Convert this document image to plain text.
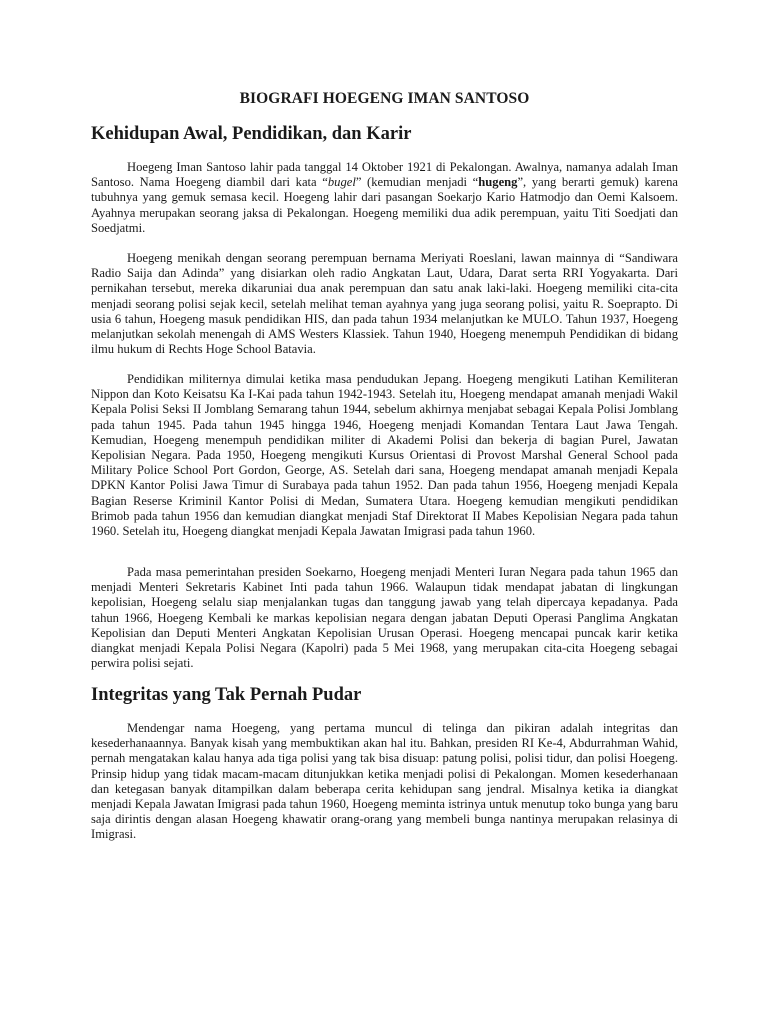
BIOGRAFI HOEGENG IMAN SANTOSO
Kehidupan Awal, Pendidikan, dan Karir

Hoegeng Iman Santoso lahir pada tanggal 14 Oktober 1921 di Pekalongan. Awalnya, namanya adalah Iman Santoso. Nama Hoegeng diambil dari kata “bugel” (kemudian menjadi “hugeng”, yang berarti gemuk) karena tubuhnya yang gemuk semasa kecil. Hoegeng lahir dari pasangan Soekarjo Kario Hatmodjo dan Oemi Kalsoem. Ayahnya merupakan seorang jaksa di Pekalongan. Hoegeng memiliki dua adik perempuan, yaitu Titi Soedjati dan Soedjatmi.

Hoegeng menikah dengan seorang perempuan bernama Meriyati Roeslani, lawan mainnya di “Sandiwara Radio Saija dan Adinda” yang disiarkan oleh radio Angkatan Laut, Udara, Darat serta RRI Yogyakarta. Dari pernikahan tersebut, mereka dikaruniai dua anak perempuan dan satu anak laki-laki. Hoegeng memiliki cita-cita menjadi seorang polisi sejak kecil, setelah melihat teman ayahnya yang juga seorang polisi, yaitu R. Soeprapto. Di usia 6 tahun, Hoegeng masuk pendidikan HIS, dan pada tahun 1934 melanjutkan ke MULO. Tahun 1937, Hoegeng melanjutkan sekolah menengah di AMS Westers Klassiek. Tahun 1940, Hoegeng menempuh Pendidikan di bidang ilmu hukum di Rechts Hoge School Batavia.

Pendidikan militernya dimulai ketika masa pendudukan Jepang. Hoegeng mengikuti Latihan Kemiliteran Nippon dan Koto Keisatsu Ka I-Kai pada tahun 1942-1943. Setelah itu, Hoegeng mendapat amanah menjadi Wakil Kepala Polisi Seksi II Jomblang Semarang tahun 1944, sebelum akhirnya menjabat sebagai Kepala Polisi Jomblang pada tahun 1945. Pada tahun 1945 hingga 1946, Hoegeng menjadi Komandan Tentara Laut Jawa Tengah. Kemudian, Hoegeng menempuh pendidikan militer di Akademi Polisi dan bekerja di bagian Purel, Jawatan Kepolisian Negara. Pada 1950, Hoegeng mengikuti Kursus Orientasi di Provost Marshal General School pada Military Police School Port Gordon, George, AS. Setelah dari sana, Hoegeng mendapat amanah menjadi Kepala DPKN Kantor Polisi Jawa Timur di Surabaya pada tahun 1952. Dan pada tahun 1956, Hoegeng menjadi Kepala Bagian Reserse Kriminil Kantor Polisi di Medan, Sumatera Utara. Hoegeng kemudian mengikuti pendidikan Brimob pada tahun 1956 dan kemudian diangkat menjadi Staf Direktorat II Mabes Kepolisian Negara pada tahun 1960. Setelah itu, Hoegeng diangkat menjadi Kepala Jawatan Imigrasi pada tahun 1960.

Pada masa pemerintahan presiden Soekarno, Hoegeng menjadi Menteri Iuran Negara pada tahun 1965 dan menjadi Menteri Sekretaris Kabinet Inti pada tahun 1966. Walaupun tidak mendapat jabatan di lingkungan kepolisian, Hoegeng selalu siap menjalankan tugas dan tanggung jawab yang telah dipercaya kepadanya. Pada tahun 1966, Hoegeng Kembali ke markas kepolisian negara dengan jabatan Deputi Operasi Panglima Angkatan Kepolisian dan Deputi Menteri Angkatan Kepolisian Urusan Operasi. Hoegeng mencapai puncak karir ketika diangkat menjadi Kepala Polisi Negara (Kapolri) pada 5 Mei 1968, yang merupakan cita-cita Hoegeng sebagai perwira polisi sejati.

Integritas yang Tak Pernah Pudar

Mendengar nama Hoegeng, yang pertama muncul di telinga dan pikiran adalah integritas dan kesederhanaannya. Banyak kisah yang membuktikan akan hal itu. Bahkan, presiden RI Ke-4, Abdurrahman Wahid, pernah mengatakan kalau hanya ada tiga polisi yang tak bisa disuap: patung polisi, polisi tidur, dan polisi Hoegeng. Prinsip hidup yang tidak macam-macam ditunjukkan ketika menjadi polisi di Pekalongan. Momen kesederhanaan dan ketegasan banyak ditampilkan dalam beberapa cerita kehidupan sang jendral. Misalnya ketika ia diangkat menjadi Kepala Jawatan Imigrasi pada tahun 1960, Hoegeng meminta istrinya untuk menutup toko bunga yang baru saja dirintis dengan alasan Hoegeng khawatir orang-orang yang membeli bunga nantinya merupakan relasinya di Imigrasi.
